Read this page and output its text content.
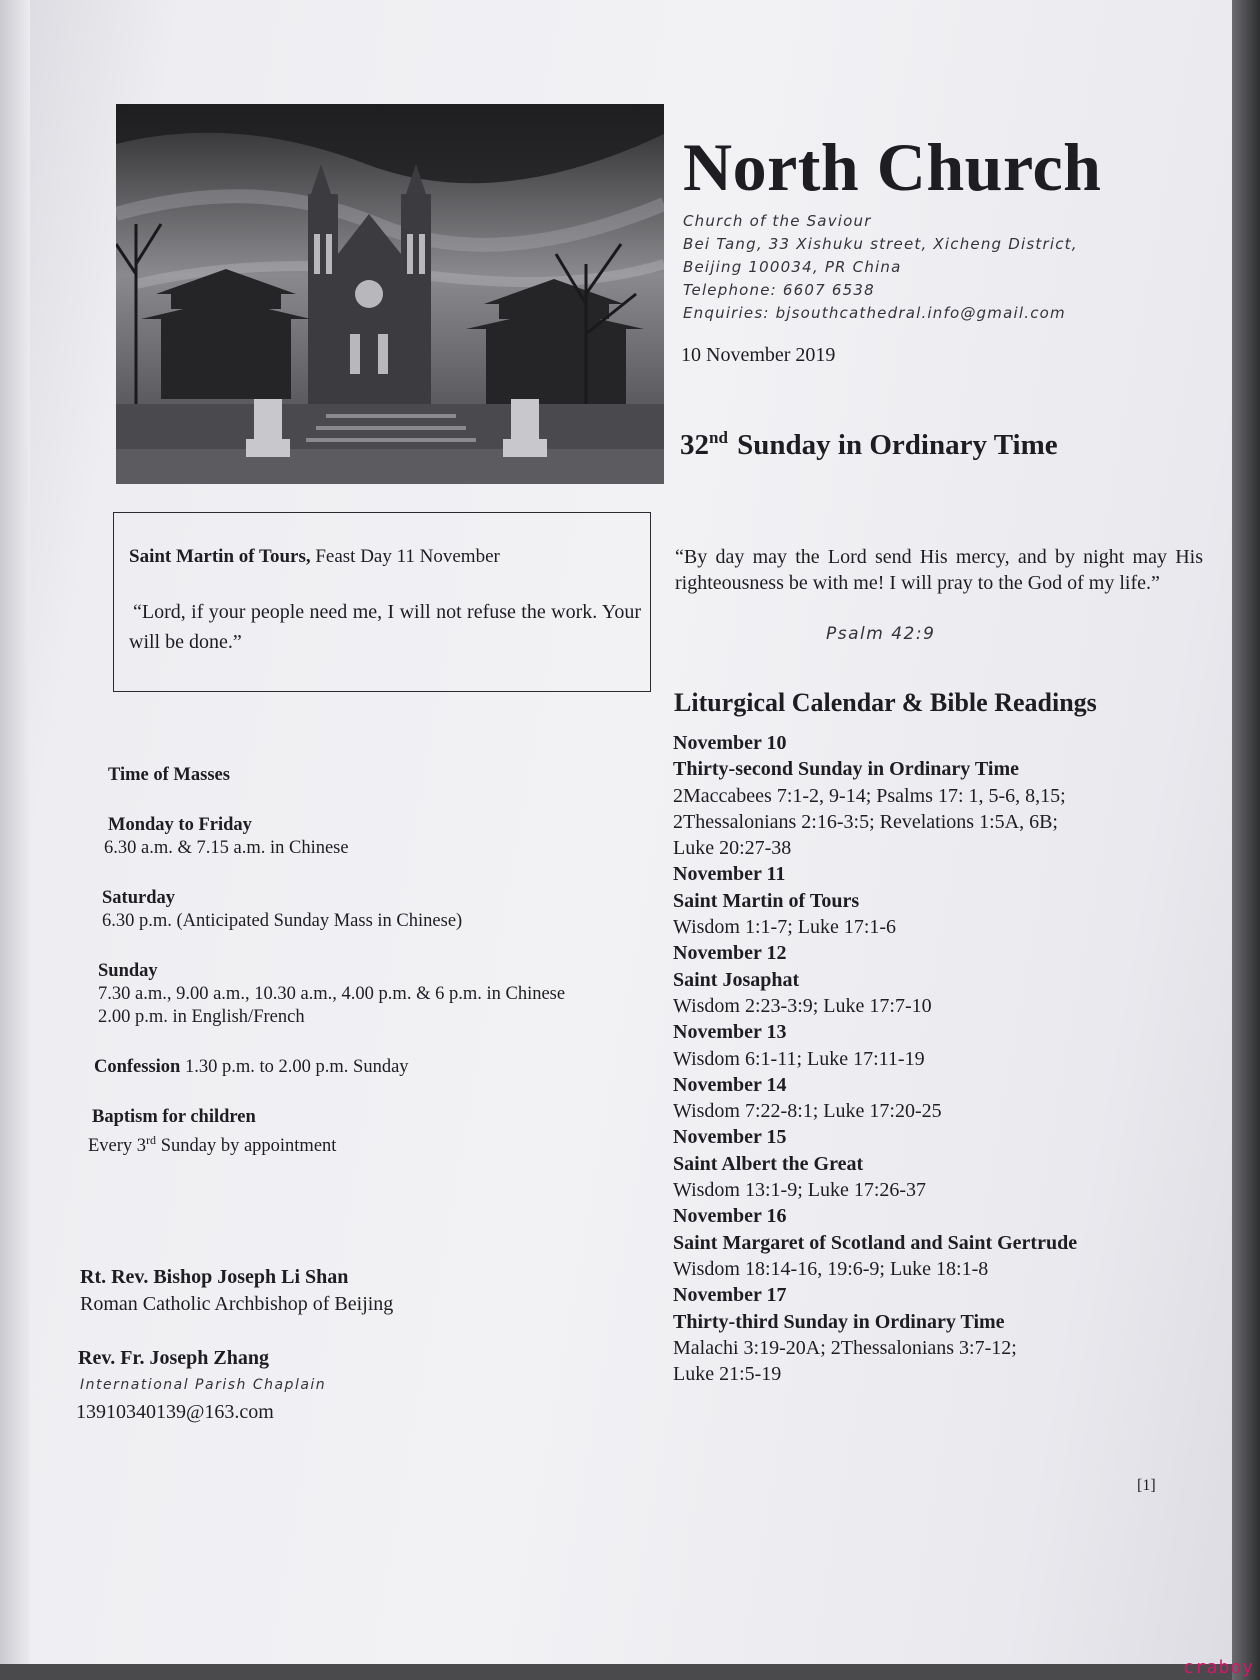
North Church
Church of the Saviour
Bei Tang, 33 Xishuku street, Xicheng District,
Beijing 100034, PR China
Telephone: 6607 6538
Enquiries: bjsouthcathedral.info@gmail.com
10 November 2019
32nd Sunday in Ordinary Time
Saint Martin of Tours, Feast Day 11 November
“Lord, if your people need me, I will not refuse the work. Your will be done.”
“By day may the Lord send His mercy, and by night may His righteousness be with me! I will pray to the God of my life.”
Psalm 42:9
Liturgical Calendar & Bible Readings
November 10
Thirty-second Sunday in Ordinary Time
2Maccabees 7:1-2, 9-14; Psalms 17: 1, 5-6, 8,15;
2Thessalonians 2:16-3:5; Revelations 1:5A, 6B;
Luke 20:27-38
November 11
Saint Martin of Tours
Wisdom 1:1-7; Luke 17:1-6
November 12
Saint Josaphat
Wisdom 2:23-3:9; Luke 17:7-10
November 13
Wisdom 6:1-11; Luke 17:11-19
November 14
Wisdom 7:22-8:1; Luke 17:20-25
November 15
Saint Albert the Great
Wisdom 13:1-9; Luke 17:26-37
November 16
Saint Margaret of Scotland and Saint Gertrude
Wisdom 18:14-16, 19:6-9; Luke 18:1-8
November 17
Thirty-third Sunday in Ordinary Time
Malachi 3:19-20A; 2Thessalonians 3:7-12;
Luke 21:5-19
Time of Masses
Monday to Friday
6.30 a.m. & 7.15 a.m. in Chinese
Saturday
6.30 p.m. (Anticipated Sunday Mass in Chinese)
Sunday
7.30 a.m., 9.00 a.m., 10.30 a.m., 4.00 p.m. & 6 p.m. in Chinese
2.00 p.m. in English/French
Confession 1.30 p.m. to 2.00 p.m. Sunday
Baptism for children
Every 3rd Sunday by appointment
Rt. Rev. Bishop Joseph Li Shan
Roman Catholic Archbishop of Beijing
Rev. Fr. Joseph Zhang
International Parish Chaplain
13910340139@163.com
[1]
craboy
